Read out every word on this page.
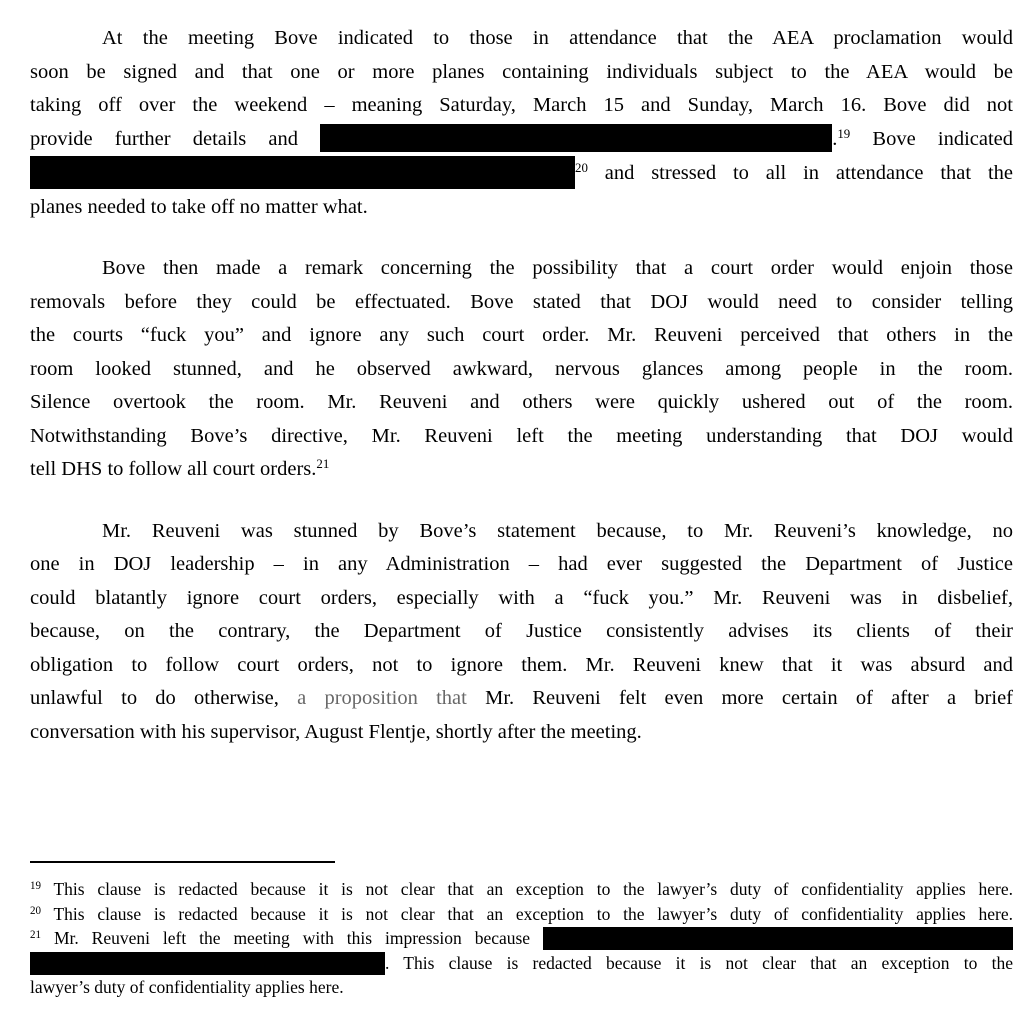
At the meeting Bove indicated to those in attendance that the AEA proclamation would
soon be signed and that one or more planes containing individuals subject to the AEA would be
taking off over the weekend – meaning Saturday, March 15 and Sunday, March 16. Bove did not
provide further details and	.19 Bove indicated
20 and stressed to all in attendance that the
planes needed to take off no matter what.
Bove then made a remark concerning the possibility that a court order would enjoin those
removals before they could be effectuated. Bove stated that DOJ would need to consider telling
the courts “fuck you” and ignore any such court order. Mr. Reuveni perceived that others in the
room looked stunned, and he observed awkward, nervous glances among people in the room.
Silence overtook the room. Mr. Reuveni and others were quickly ushered out of the room.
Notwithstanding Bove’s directive, Mr. Reuveni left the meeting understanding that DOJ would
tell DHS to follow all court orders.21
Mr. Reuveni was stunned by Bove’s statement because, to Mr. Reuveni’s knowledge, no
one in DOJ leadership – in any Administration – had ever suggested the Department of Justice
could blatantly ignore court orders, especially with a “fuck you.” Mr. Reuveni was in disbelief,
because, on the contrary, the Department of Justice consistently advises its clients of their
obligation to follow court orders, not to ignore them. Mr. Reuveni knew that it was absurd and
unlawful to do otherwise, a proposition that Mr. Reuveni felt even more certain of after a brief
conversation with his supervisor, August Flentje, shortly after the meeting.
19 This clause is redacted because it is not clear that an exception to the lawyer’s duty of confidentiality applies here.
20 This clause is redacted because it is not clear that an exception to the lawyer’s duty of confidentiality applies here.
21 Mr. Reuveni left the meeting with this impression because
. This clause is redacted because it is not clear that an exception to the
lawyer’s duty of confidentiality applies here.
